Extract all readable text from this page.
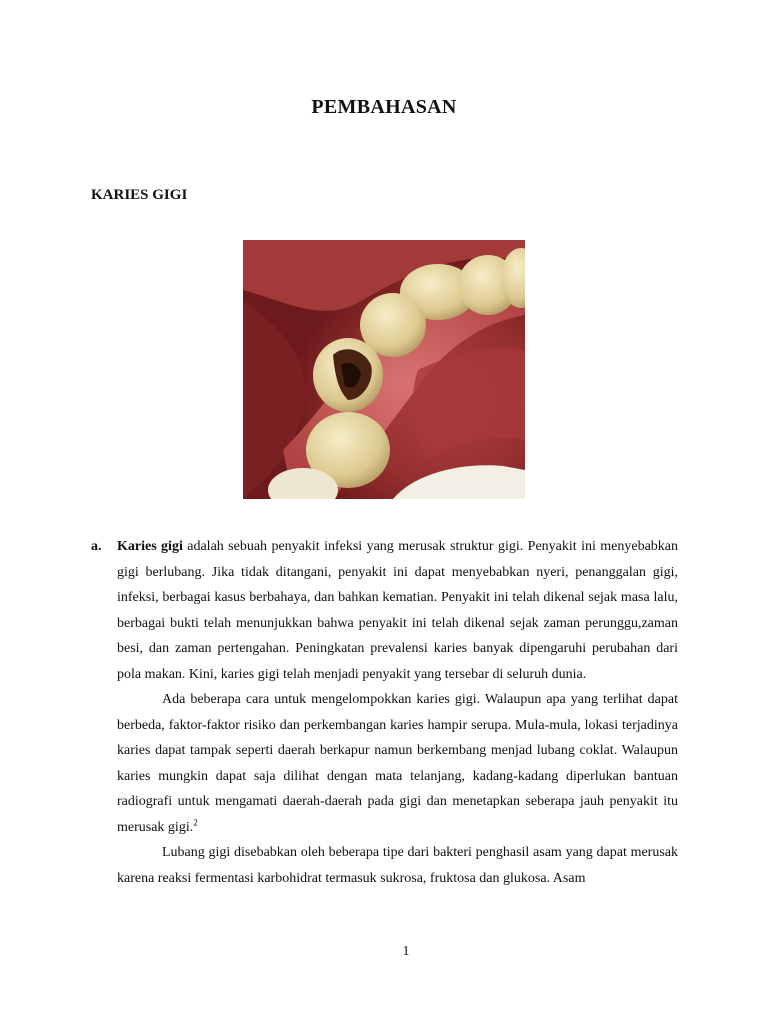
PEMBAHASAN
KARIES GIGI
a. Karies gigi adalah sebuah penyakit infeksi yang merusak struktur gigi. Penyakit ini menyebabkan gigi berlubang. Jika tidak ditangani, penyakit ini dapat menyebabkan nyeri, penanggalan gigi, infeksi, berbagai kasus berbahaya, dan bahkan kematian. Penyakit ini telah dikenal sejak masa lalu, berbagai bukti telah menunjukkan bahwa penyakit ini telah dikenal sejak zaman perunggu,zaman besi, dan zaman pertengahan. Peningkatan prevalensi karies banyak dipengaruhi perubahan dari pola makan. Kini, karies gigi telah menjadi penyakit yang tersebar di seluruh dunia.

Ada beberapa cara untuk mengelompokkan karies gigi. Walaupun apa yang terlihat dapat berbeda, faktor-faktor risiko dan perkembangan karies hampir serupa. Mula-mula, lokasi terjadinya karies dapat tampak seperti daerah berkapur namun berkembang menjad lubang coklat. Walaupun karies mungkin dapat saja dilihat dengan mata telanjang, kadang-kadang diperlukan bantuan radiografi untuk mengamati daerah-daerah pada gigi dan menetapkan seberapa jauh penyakit itu merusak gigi.$^2$

Lubang gigi disebabkan oleh beberapa tipe dari bakteri penghasil asam yang dapat merusak karena reaksi fermentasi karbohidrat termasuk sukrosa, fruktosa dan glukosa. Asam

1
